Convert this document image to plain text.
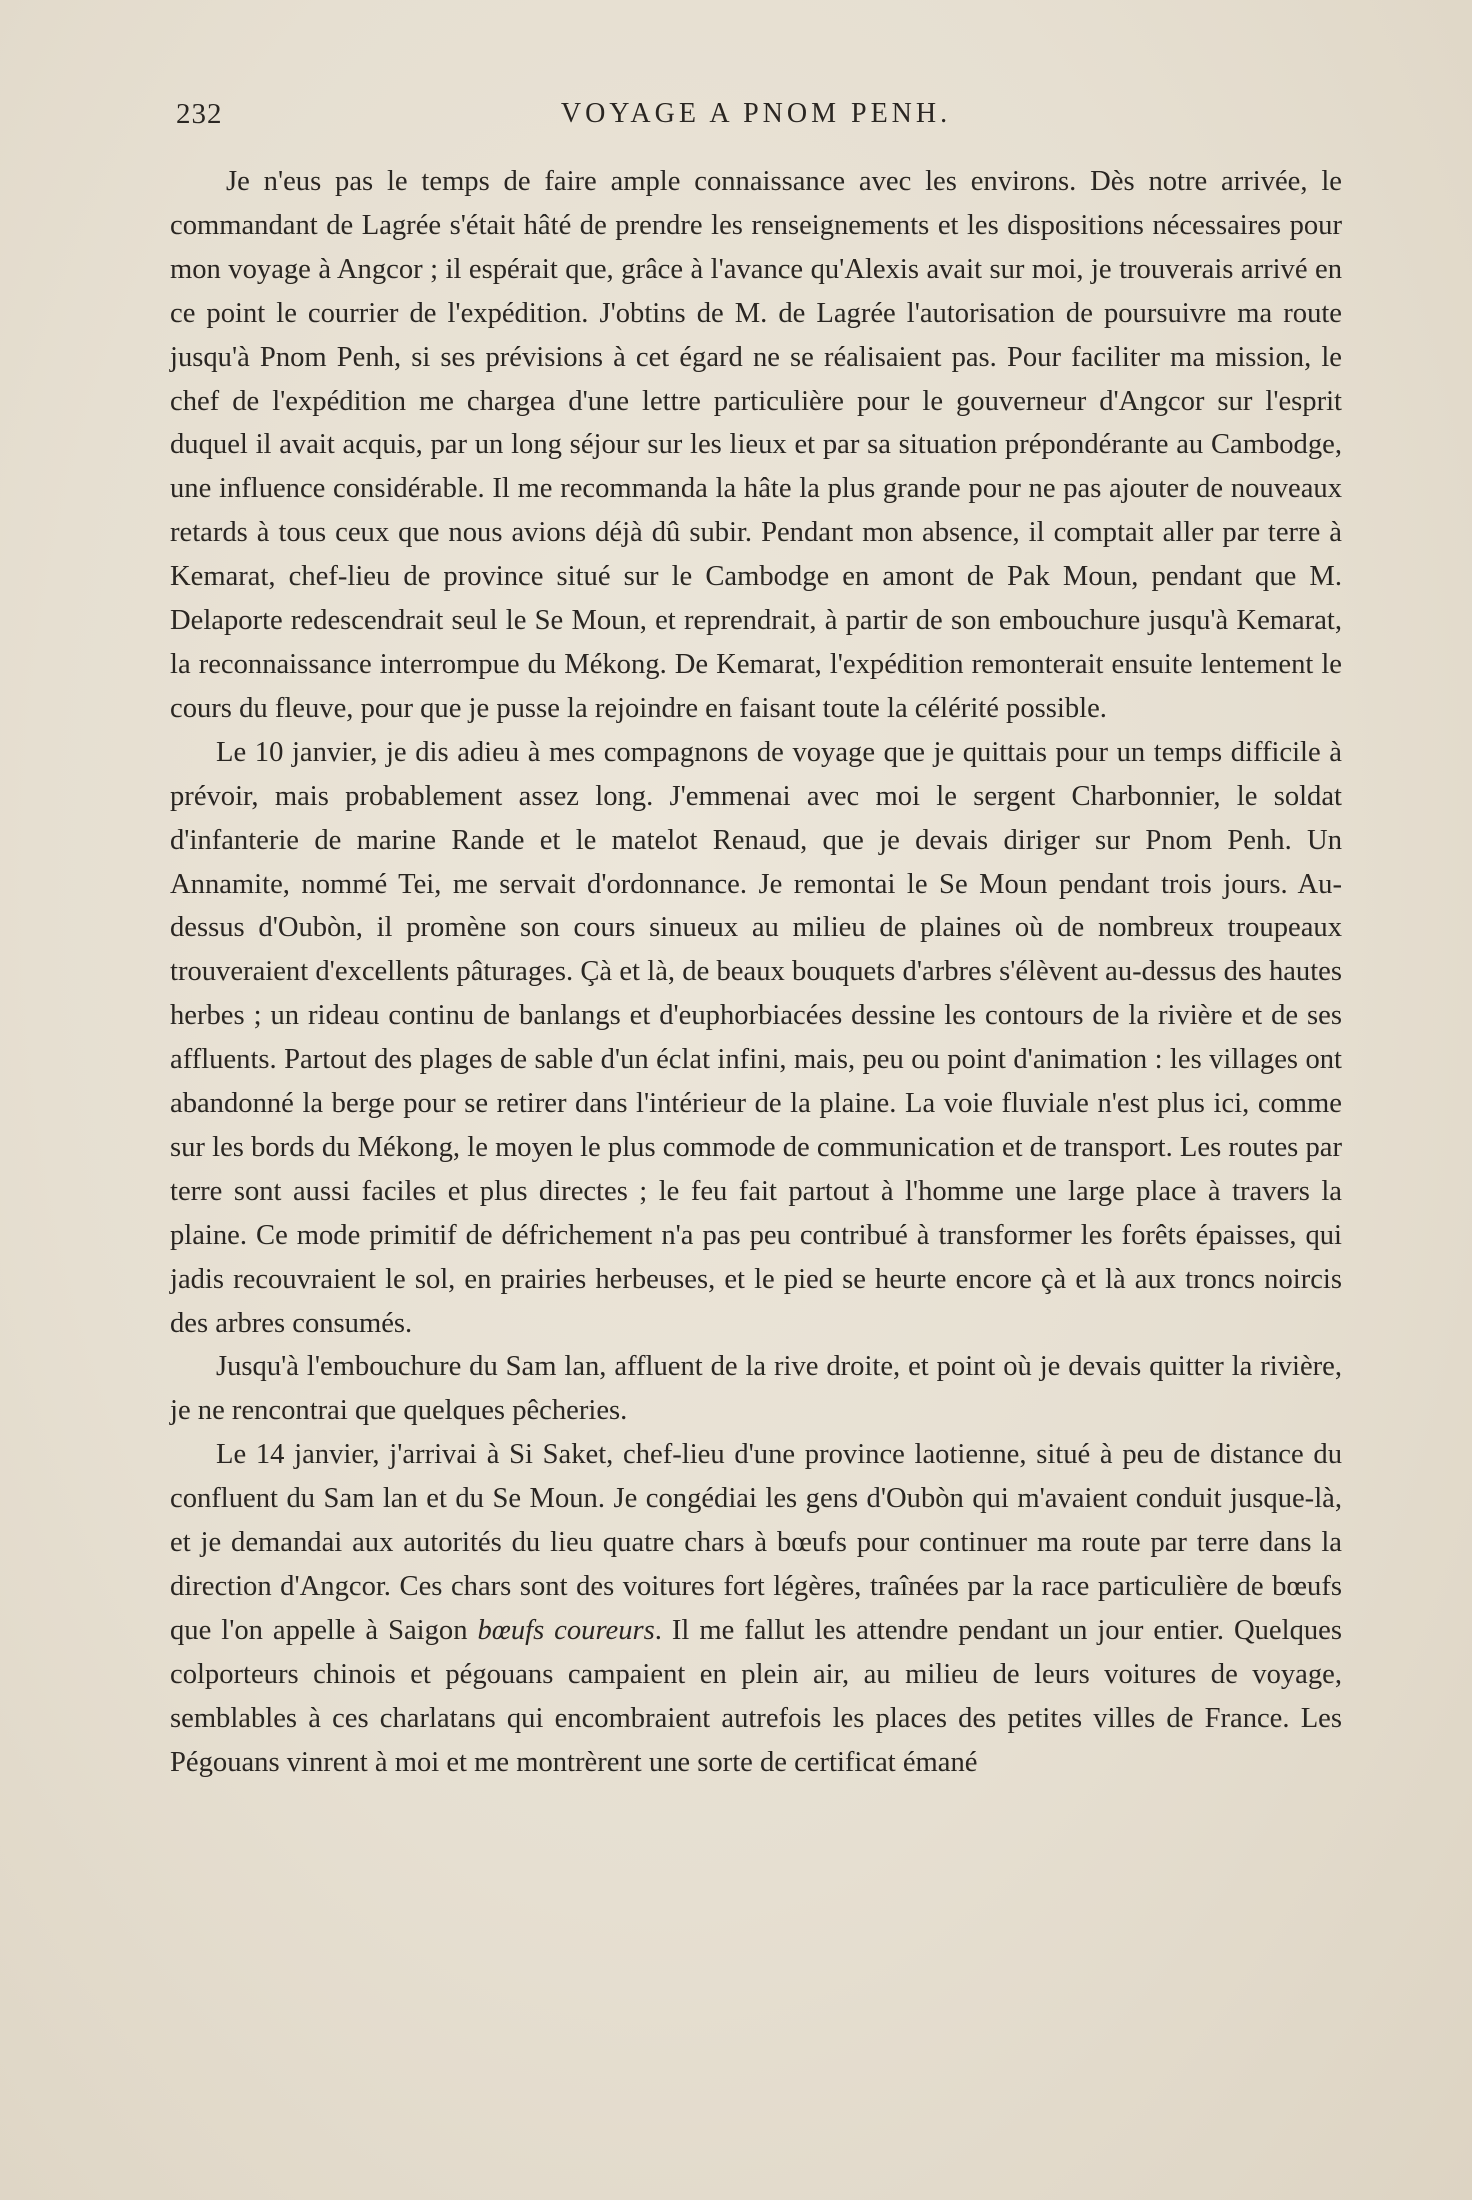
232	VOYAGE A PNOM PENH.

Je n'eus pas le temps de faire ample connaissance avec les environs. Dès notre arrivée, le commandant de Lagrée s'était hâté de prendre les renseignements et les dispositions nécessaires pour mon voyage à Angcor ; il espérait que, grâce à l'avance qu'Alexis avait sur moi, je trouverais arrivé en ce point le courrier de l'expédition. J'obtins de M. de Lagrée l'autorisation de poursuivre ma route jusqu'à Pnom Penh, si ses prévisions à cet égard ne se réalisaient pas. Pour faciliter ma mission, le chef de l'expédition me chargea d'une lettre particulière pour le gouverneur d'Angcor sur l'esprit duquel il avait acquis, par un long séjour sur les lieux et par sa situation prépondérante au Cambodge, une influence considérable. Il me recommanda la hâte la plus grande pour ne pas ajouter de nouveaux retards à tous ceux que nous avions déjà dû subir. Pendant mon absence, il comptait aller par terre à Kemarat, chef-lieu de province situé sur le Cambodge en amont de Pak Moun, pendant que M. Delaporte redescendrait seul le Se Moun, et reprendrait, à partir de son embouchure jusqu'à Kemarat, la reconnaissance interrompue du Mékong. De Kemarat, l'expédition remonterait ensuite lentement le cours du fleuve, pour que je pusse la rejoindre en faisant toute la célérité possible.

Le 10 janvier, je dis adieu à mes compagnons de voyage que je quittais pour un temps difficile à prévoir, mais probablement assez long. J'emmenai avec moi le sergent Charbonnier, le soldat d'infanterie de marine Rande et le matelot Renaud, que je devais diriger sur Pnom Penh. Un Annamite, nommé Tei, me servait d'ordonnance. Je remontai le Se Moun pendant trois jours. Au-dessus d'Oubòn, il promène son cours sinueux au milieu de plaines où de nombreux troupeaux trouveraient d'excellents pâturages. Çà et là, de beaux bouquets d'arbres s'élèvent au-dessus des hautes herbes ; un rideau continu de banlangs et d'euphorbiacées dessine les contours de la rivière et de ses affluents. Partout des plages de sable d'un éclat infini, mais, peu ou point d'animation : les villages ont abandonné la berge pour se retirer dans l'intérieur de la plaine. La voie fluviale n'est plus ici, comme sur les bords du Mékong, le moyen le plus commode de communication et de transport. Les routes par terre sont aussi faciles et plus directes ; le feu fait partout à l'homme une large place à travers la plaine. Ce mode primitif de défrichement n'a pas peu contribué à transformer les forêts épaisses, qui jadis recouvraient le sol, en prairies herbeuses, et le pied se heurte encore çà et là aux troncs noircis des arbres consumés.

Jusqu'à l'embouchure du Sam lan, affluent de la rive droite, et point où je devais quitter la rivière, je ne rencontrai que quelques pêcheries.

Le 14 janvier, j'arrivai à Si Saket, chef-lieu d'une province laotienne, situé à peu de distance du confluent du Sam lan et du Se Moun. Je congédiai les gens d'Oubòn qui m'avaient conduit jusque-là, et je demandai aux autorités du lieu quatre chars à bœufs pour continuer ma route par terre dans la direction d'Angcor. Ces chars sont des voitures fort légères, traînées par la race particulière de bœufs que l'on appelle à Saigon bœufs coureurs. Il me fallut les attendre pendant un jour entier. Quelques colporteurs chinois et pégouans campaient en plein air, au milieu de leurs voitures de voyage, semblables à ces charlatans qui encombraient autrefois les places des petites villes de France. Les Pégouans vinrent à moi et me montrèrent une sorte de certificat émané
